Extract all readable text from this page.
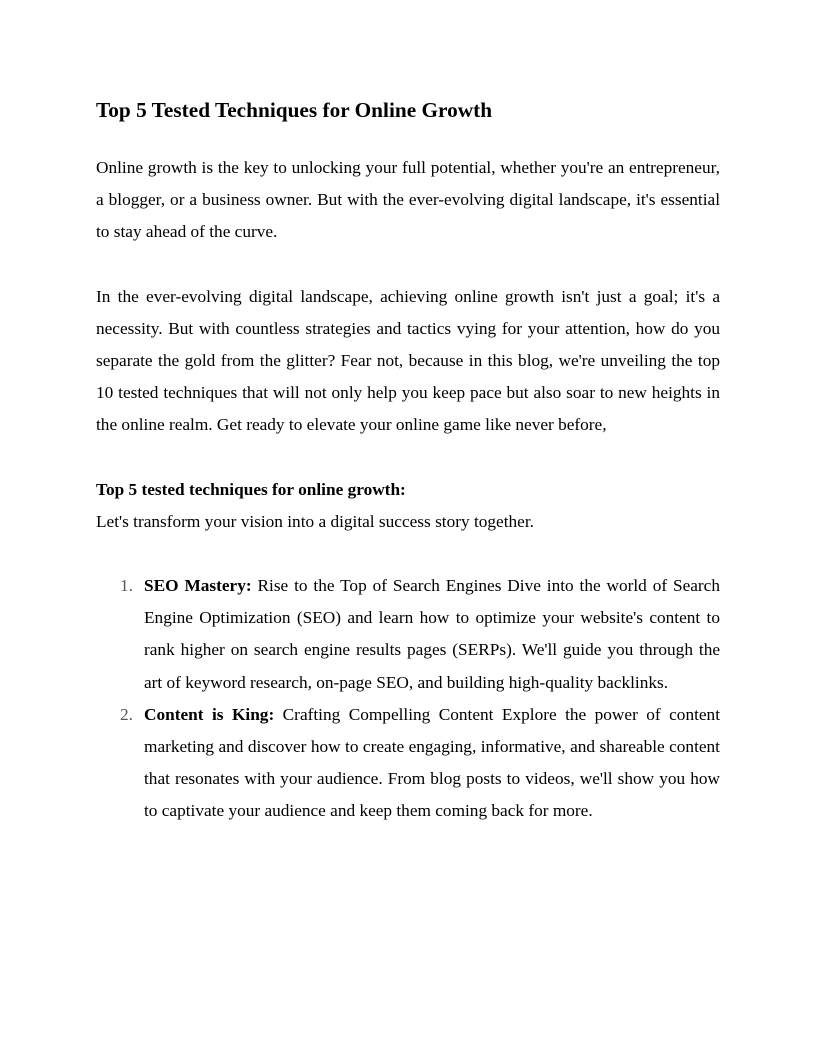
Top 5 Tested Techniques for Online Growth

Online growth is the key to unlocking your full potential, whether you're an entrepreneur, a blogger, or a business owner. But with the ever-evolving digital landscape, it's essential to stay ahead of the curve.

In the ever-evolving digital landscape, achieving online growth isn't just a goal; it's a necessity. But with countless strategies and tactics vying for your attention, how do you separate the gold from the glitter? Fear not, because in this blog, we're unveiling the top 10 tested techniques that will not only help you keep pace but also soar to new heights in the online realm. Get ready to elevate your online game like never before,

Top 5 tested techniques for online growth:

Let's transform your vision into a digital success story together.

1. SEO Mastery: Rise to the Top of Search Engines Dive into the world of Search Engine Optimization (SEO) and learn how to optimize your website's content to rank higher on search engine results pages (SERPs). We'll guide you through the art of keyword research, on-page SEO, and building high-quality backlinks.
2. Content is King: Crafting Compelling Content Explore the power of content marketing and discover how to create engaging, informative, and shareable content that resonates with your audience. From blog posts to videos, we'll show you how to captivate your audience and keep them coming back for more.
